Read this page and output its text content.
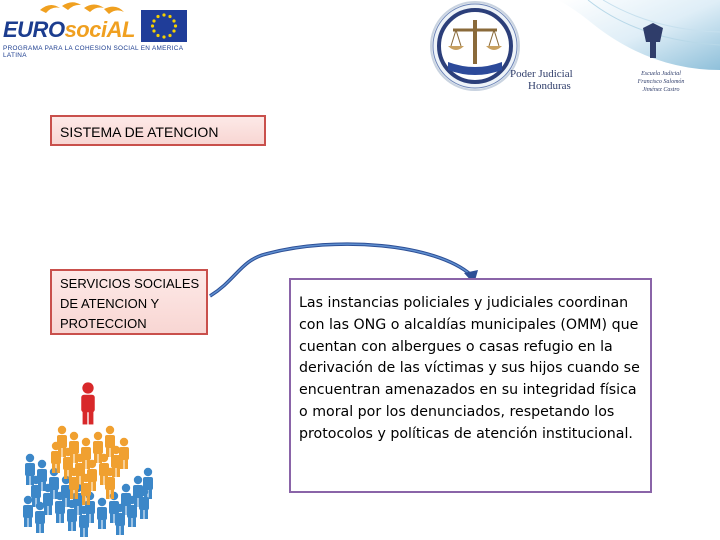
EUROsociAL
PROGRAMA PARA LA COHESION SOCIAL EN AMERICA LATINA
Poder Judicial
Honduras
Escuela Judicial
Francisco Salomón Jiménez Castro
SISTEMA DE ATENCION
SERVICIOS SOCIALES
DE ATENCION Y
PROTECCION
Las instancias policiales y judiciales coordinan con las ONG o alcaldías municipales (OMM) que cuentan con albergues o casas refugio en la derivación de las víctimas y sus hijos cuando se encuentran amenazados en su integridad física o moral por los denunciados, respetando los protocolos y políticas de atención institucional.
